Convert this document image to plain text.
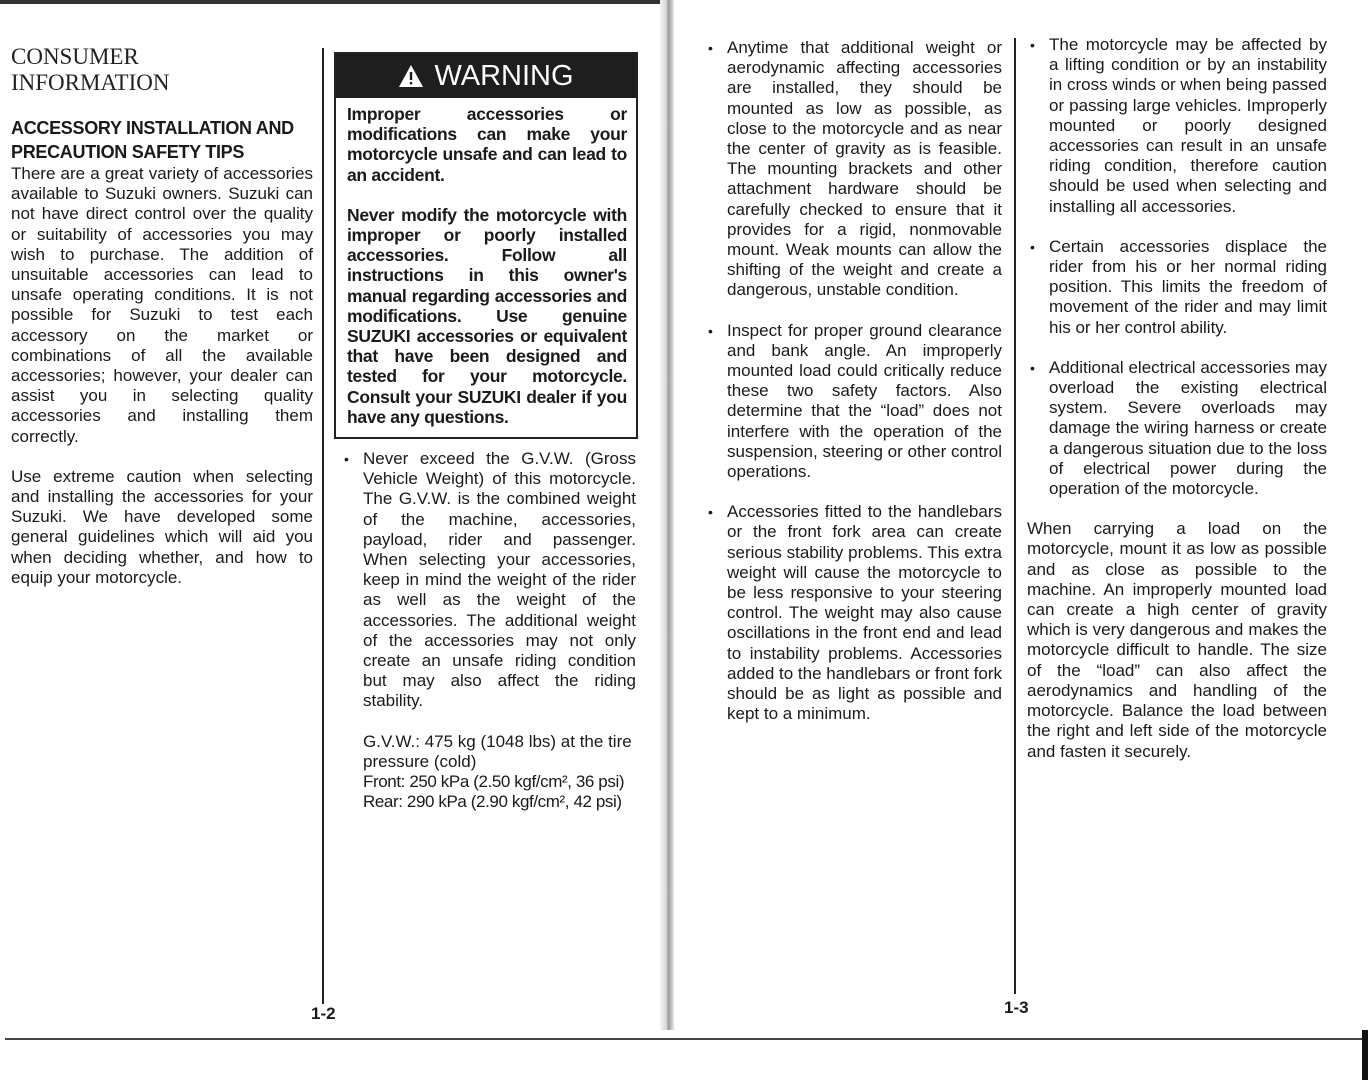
CONSUMER
INFORMATION
ACCESSORY INSTALLATION AND
PRECAUTION SAFETY TIPS

There are a great variety of accessories available to Suzuki owners. Suzuki can not have direct control over the quality or suitability of accessories you may wish to purchase. The addition of unsuitable accessories can lead to unsafe operating conditions. It is not possible for Suzuki to test each accessory on the market or combinations of all the available accessories; however, your dealer can assist you in selecting quality accessories and installing them correctly.

Use extreme caution when selecting and installing the accessories for your Suzuki. We have developed some general guidelines which will aid you when deciding whether, and how to equip your motorcycle.

WARNING

Improper accessories or modifications can make your motorcycle unsafe and can lead to an accident.

Never modify the motorcycle with improper or poorly installed accessories. Follow all instructions in this owner's manual regarding accessories and modifications. Use genuine SUZUKI accessories or equivalent that have been designed and tested for your motorcycle. Consult your SUZUKI dealer if you have any questions.

• Never exceed the G.V.W. (Gross Vehicle Weight) of this motorcycle. The G.V.W. is the combined weight of the machine, accessories, payload, rider and passenger. When selecting your accessories, keep in mind the weight of the rider as well as the weight of the accessories. The additional weight of the accessories may not only create an unsafe riding condition but may also affect the riding stability.

G.V.W.: 475 kg (1048 lbs) at the tire pressure (cold)

Front: 250 kPa (2.50 kgf/cm², 36 psi)

Rear: 290 kPa (2.90 kgf/cm², 42 psi)

1-2
• Anytime that additional weight or aerodynamic affecting accessories are installed, they should be mounted as low as possible, as close to the motorcycle and as near the center of gravity as is feasible. The mounting brackets and other attachment hardware should be carefully checked to ensure that it provides for a rigid, nonmovable mount. Weak mounts can allow the shifting of the weight and create a dangerous, unstable condition.
• Inspect for proper ground clearance and bank angle. An improperly mounted load could critically reduce these two safety factors. Also determine that the “load” does not interfere with the operation of the suspension, steering or other control operations.
• Accessories fitted to the handlebars or the front fork area can create serious stability problems. This extra weight will cause the motorcycle to be less responsive to your steering control. The weight may also cause oscillations in the front end and lead to instability problems. Accessories added to the handlebars or front fork should be as light as possible and kept to a minimum.
• The motorcycle may be affected by a lifting condition or by an instability in cross winds or when being passed or passing large vehicles. Improperly mounted or poorly designed accessories can result in an unsafe riding condition, therefore caution should be used when selecting and installing all accessories.
• Certain accessories displace the rider from his or her normal riding position. This limits the freedom of movement of the rider and may limit his or her control ability.
• Additional electrical accessories may overload the existing electrical system. Severe overloads may damage the wiring harness or create a dangerous situation due to the loss of electrical power during the operation of the motorcycle.

When carrying a load on the motorcycle, mount it as low as possible and as close as possible to the machine. An improperly mounted load can create a high center of gravity which is very dangerous and makes the motorcycle difficult to handle. The size of the “load” can also affect the aerodynamics and handling of the motorcycle. Balance the load between the right and left side of the motorcycle and fasten it securely.

1-3
